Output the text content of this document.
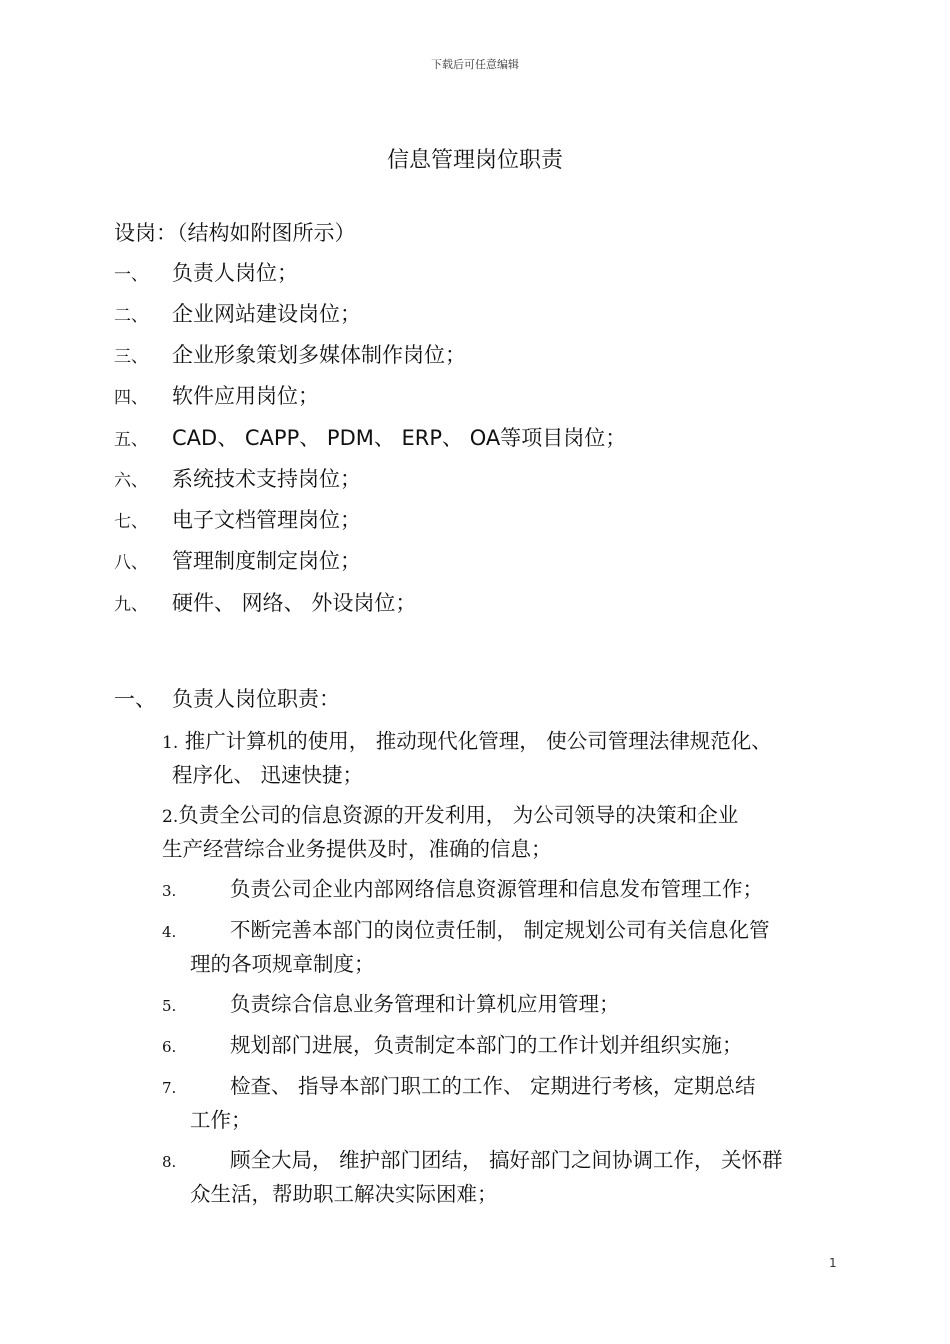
下载后可任意编辑
信息管理岗位职责
设岗：（结构如附图所示）
一、 负责人岗位；
二、 企业网站建设岗位；
三、 企业形象策划多媒体制作岗位；
四、 软件应用岗位；
五、 CAD、 CAPP、 PDM、 ERP、 OA等项目岗位；
六、 系统技术支持岗位；
七、 电子文档管理岗位；
八、 管理制度制定岗位；
九、 硬件、 网络、 外设岗位；
一、 负责人岗位职责：
1. 推广计算机的使用， 推动现代化管理， 使公司管理法律规范化、
程序化、 迅速快捷；
2.负责全公司的信息资源的开发利用， 为公司领导的决策和企业
生产经营综合业务提供及时，准确的信息；
3.	负责公司企业内部网络信息资源管理和信息发布管理工作；
4.	不断完善本部门的岗位责任制， 制定规划公司有关信息化管
理的各项规章制度；
5.	负责综合信息业务管理和计算机应用管理；
6.	规划部门进展，负责制定本部门的工作计划并组织实施；
7.	检查、 指导本部门职工的工作、 定期进行考核，定期总结
工作；
8.	顾全大局， 维护部门团结， 搞好部门之间协调工作， 关怀群
众生活，帮助职工解决实际困难；
1
